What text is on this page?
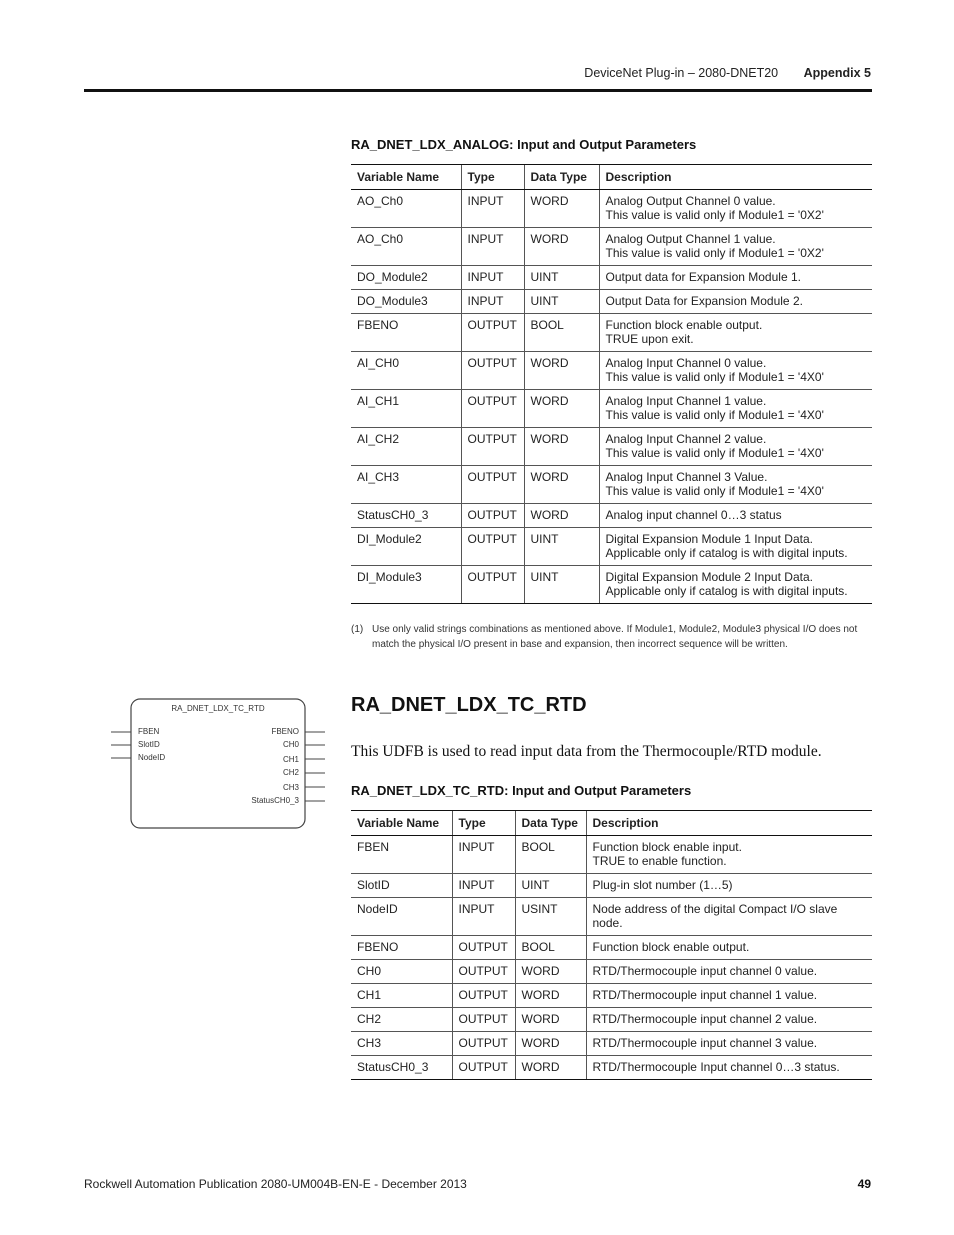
DeviceNet Plug-in – 2080-DNET20 Appendix 5
RA_DNET_LDX_ANALOG: Input and Output Parameters
Variable Name	Type	Data Type	Description
AO_Ch0	INPUT	WORD	Analog Output Channel 0 value.
This value is valid only if Module1 = '0X2'

AO_Ch0	INPUT	WORD	Analog Output Channel 1 value.
This value is valid only if Module1 = '0X2'

DO_Module2	INPUT	UINT	Output data for Expansion Module 1.

DO_Module3	INPUT	UINT	Output Data for Expansion Module 2.

FBENO	OUTPUT	BOOL	Function block enable output.
TRUE upon exit.

AI_CH0	OUTPUT	WORD	Analog Input Channel 0 value.
This value is valid only if Module1 = '4X0'

AI_CH1	OUTPUT	WORD	Analog Input Channel 1 value.
This value is valid only if Module1 = '4X0'

AI_CH2	OUTPUT	WORD	Analog Input Channel 2 value.
This value is valid only if Module1 = '4X0'

AI_CH3	OUTPUT	WORD	Analog Input Channel 3 Value.
This value is valid only if Module1 = '4X0'

StatusCH0_3	OUTPUT	WORD	Analog input channel 0…3 status

DI_Module2	OUTPUT	UINT	Digital Expansion Module 1 Input Data.
Applicable only if catalog is with digital inputs.

DI_Module3	OUTPUT	UINT	Digital Expansion Module 2 Input Data.
Applicable only if catalog is with digital inputs.
(1) Use only valid strings combinations as mentioned above. If Module1, Module2, Module3 physical I/O does not match the physical I/O present in base and expansion, then incorrect sequence will be written.
RA_DNET_LDX_TC_RTD
FBEN
SlotID
NodeID
FBENO
CH0
CH1
CH2
CH3
StatusCH0_3
RA_DNET_LDX_TC_RTD
This UDFB is used to read input data from the Thermocouple/RTD module.
RA_DNET_LDX_TC_RTD: Input and Output Parameters
Variable Name	Type	Data Type	Description
FBEN	INPUT	BOOL	Function block enable input.
TRUE to enable function.

SlotID	INPUT	UINT	Plug-in slot number (1…5)

NodeID	INPUT	USINT	Node address of the digital Compact I/O slave node.

FBENO	OUTPUT	BOOL	Function block enable output.

CH0	OUTPUT	WORD	RTD/Thermocouple input channel 0 value.

CH1	OUTPUT	WORD	RTD/Thermocouple input channel 1 value.

CH2	OUTPUT	WORD	RTD/Thermocouple input channel 2 value.

CH3	OUTPUT	WORD	RTD/Thermocouple input channel 3 value.

StatusCH0_3	OUTPUT	WORD	RTD/Thermocouple Input channel 0…3 status.
Rockwell Automation Publication 2080-UM004B-EN-E - December 2013	49
